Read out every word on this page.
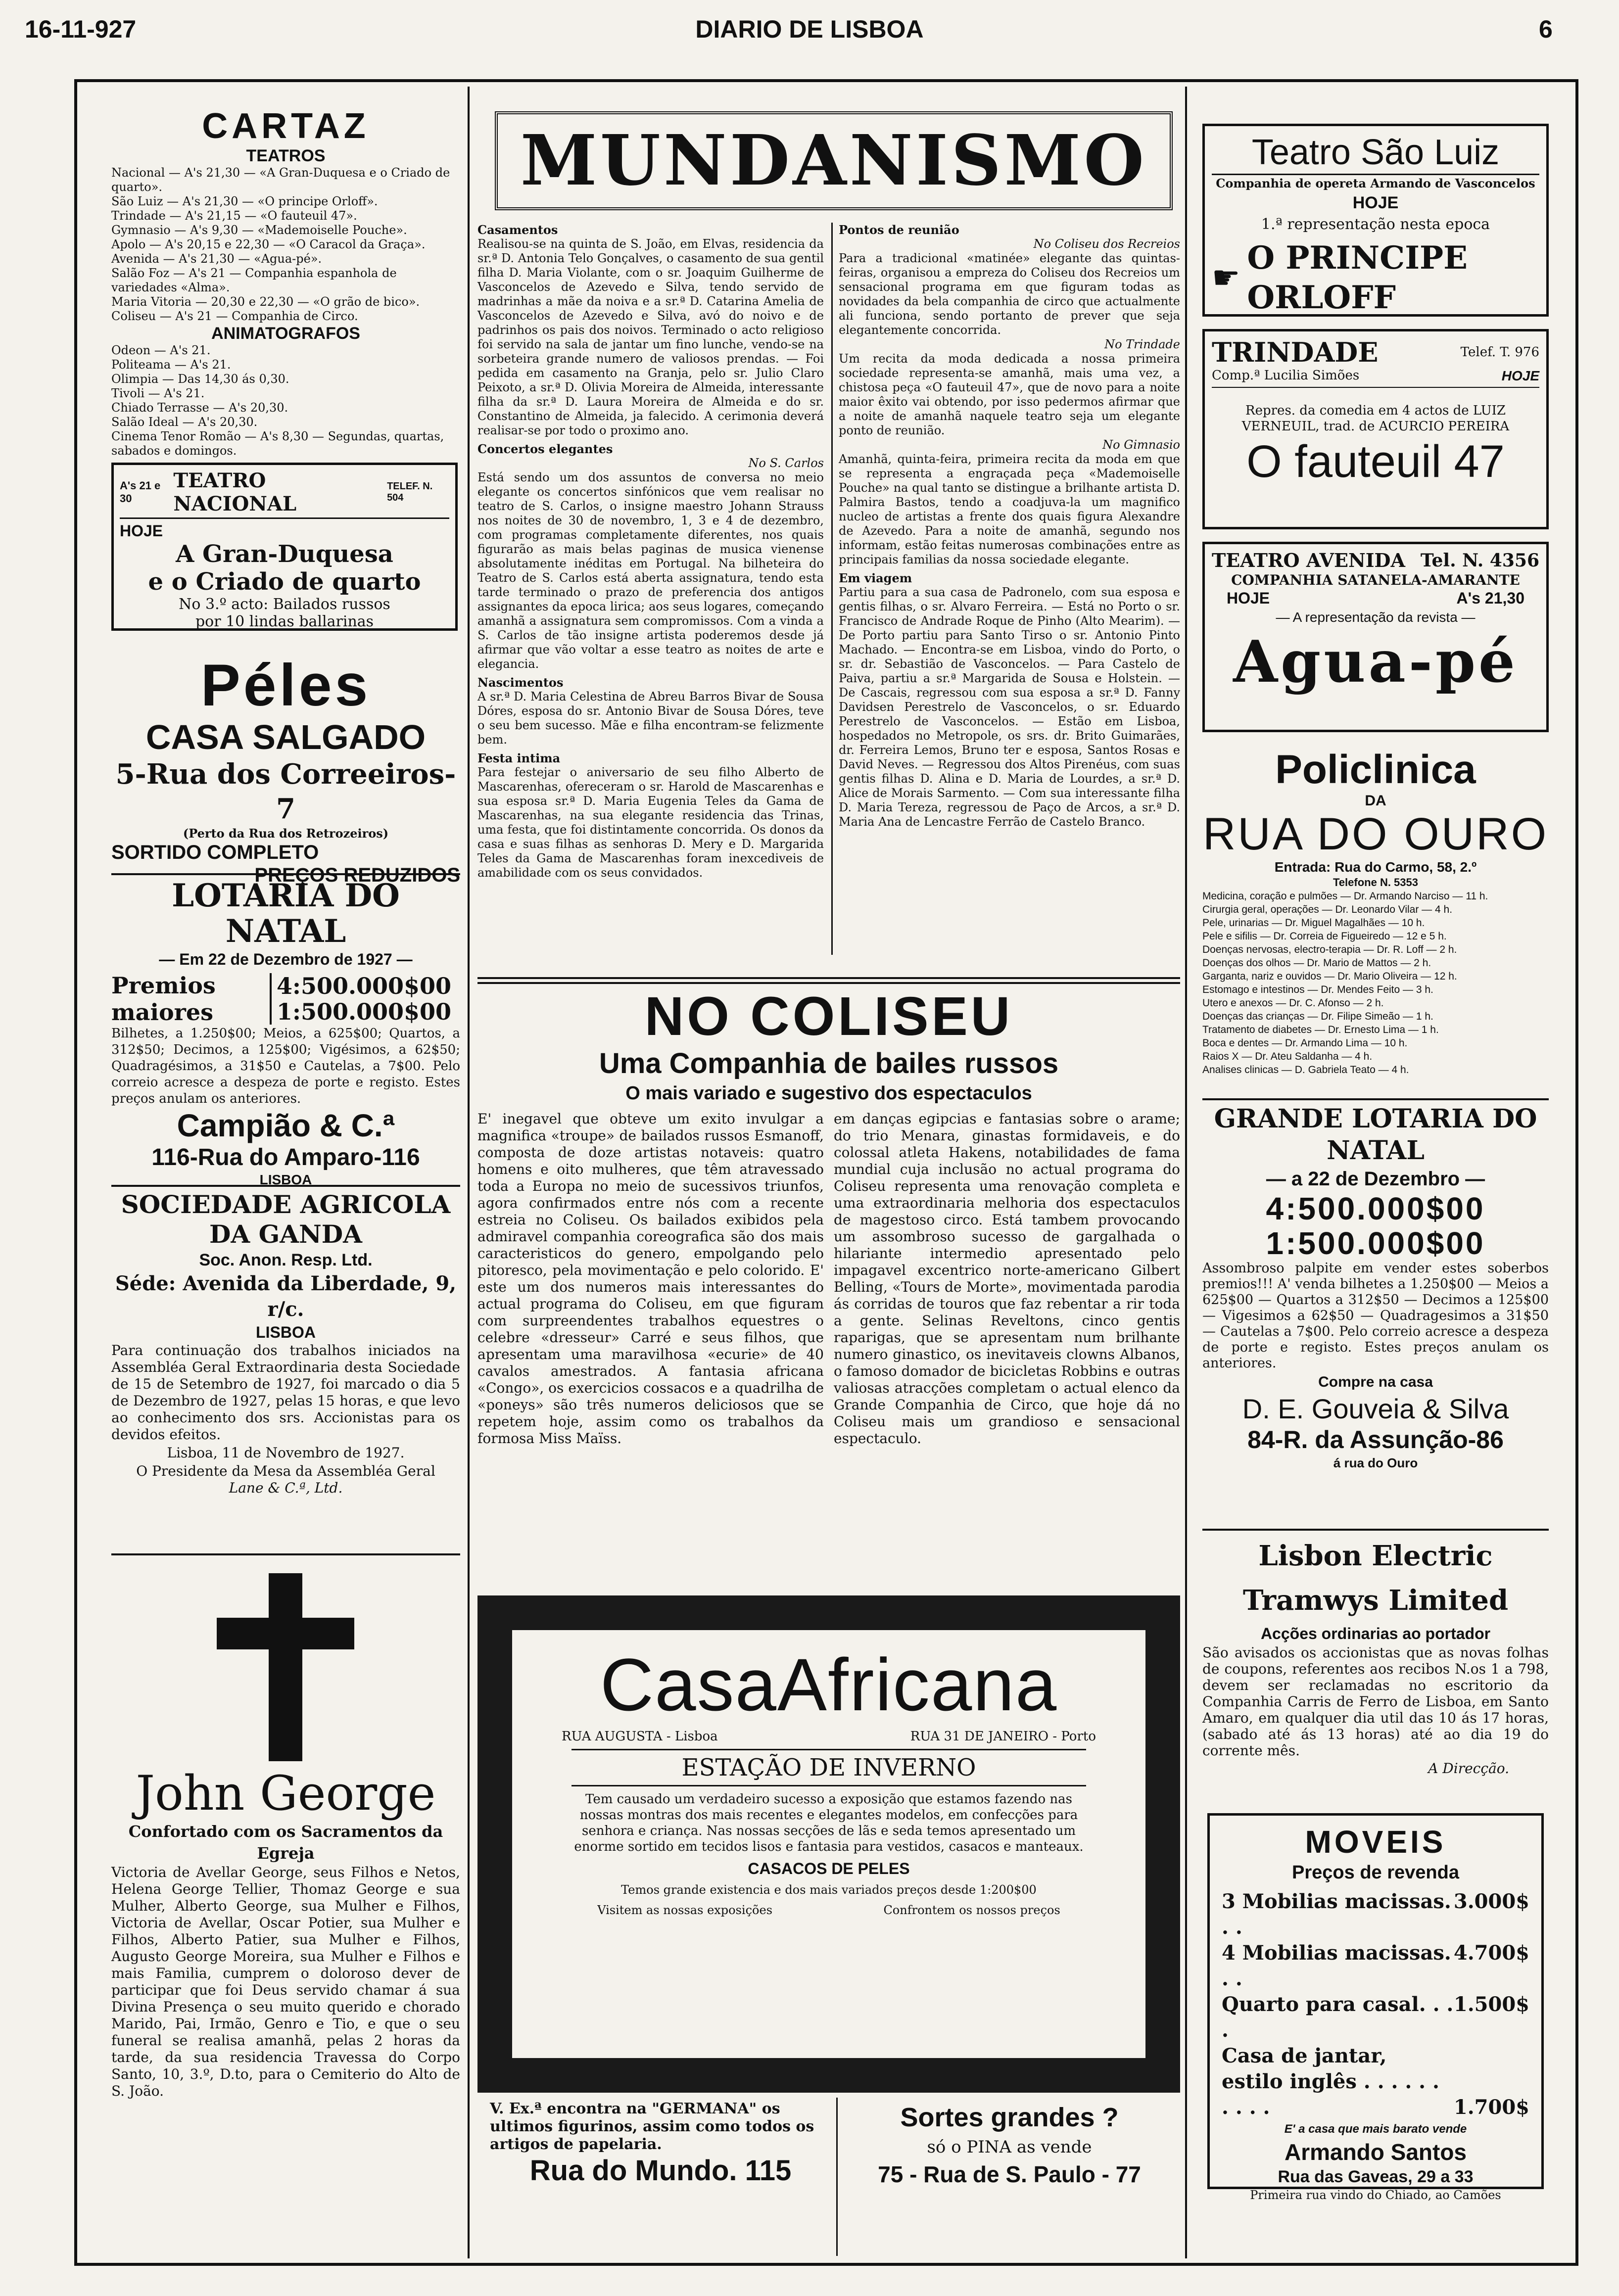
16-11-927	DIARIO DE LISBOA	6
CARTAZ
TEATROS
Nacional — A's 21,30 — «A Gran-Duquesa e o Criado de quarto».
São Luiz — A's 21,30 — «O principe Orloff».
Trindade — A's 21,15 — «O fauteuil 47».
Gymnasio — A's 9,30 — «Mademoiselle Pouche».
Apolo — A's 20,15 e 22,30 — «O Caracol da Graça».
Avenida — A's 21,30 — «Agua-pé».
Salão Foz — A's 21 — Companhia espanhola de variedades «Alma».
Maria Vitoria — 20,30 e 22,30 — «O grão de bico».
Coliseu — A's 21 — Companhia de Circo.
ANIMATOGRAFOS
Odeon — A's 21.
Politeama — A's 21.
Olimpia — Das 14,30 ás 0,30.
Tivoli — A's 21.
Chiado Terrasse — A's 20,30.
Salão Ideal — A's 20,30.
Cinema Tenor Romão — A's 8,30 — Segundas, quartas, sabados e domingos.
A's 21 e 30
TEATRO NACIONAL
TELEF. N. 504
HOJE
A Gran-Duquesa
e o Criado de quarto
No 3.º acto: Bailados russos
por 10 lindas ballarinas
Péles
CASA SALGADO
5-Rua dos Correeiros-7
(Perto da Rua dos Retrozeiros)
SORTIDO COMPLETO
PREÇOS REDUZIDOS
LOTARIA DO NATAL
— Em 22 de Dezembro de 1927 —
Premios maiores
4:500.000$00
1:500.000$00

Bilhetes, a 1.250$00; Meios, a 625$00; Quartos, a 312$50; Decimos, a 125$00; Vigésimos, a 62$50; Quadragésimos, a 31$50 e Cautelas, a 7$00. Pelo correio acresce a despeza de porte e registo. Estes preços anulam os anteriores.

Campião & C.ª
116-Rua do Amparo-116
LISBOA
SOCIEDADE AGRICOLA DA GANDA
Soc. Anon. Resp. Ltd.
Séde: Avenida da Liberdade, 9, r/c.
LISBOA

Para continuação dos trabalhos iniciados na Assembléa Geral Extraordinaria desta Sociedade de 15 de Setembro de 1927, foi marcado o dia 5 de Dezembro de 1927, pelas 15 horas, e que levo ao conhecimento dos srs. Accionistas para os devidos efeitos.

Lisboa, 11 de Novembro de 1927.
O Presidente da Mesa da Assembléa Geral
Lane & C.ª, Ltd.
John George
Confortado com os Sacramentos da Egreja

Victoria de Avellar George, seus Filhos e Netos, Helena George Tellier, Thomaz George e sua Mulher, Alberto George, sua Mulher e Filhos, Victoria de Avellar, Oscar Potier, sua Mulher e Filhos, Alberto Patier, sua Mulher e Filhos, Augusto George Moreira, sua Mulher e Filhos e mais Familia, cumprem o doloroso dever de participar que foi Deus servido chamar á sua Divina Presença o seu muito querido e chorado Marido, Pai, Irmão, Genro e Tio, e que o seu funeral se realisa amanhã, pelas 2 horas da tarde, da sua residencia Travessa do Corpo Santo, 10, 3.º, D.to, para o Cemiterio do Alto de S. João.

MUNDANISMO
Casamentos

Realisou-se na quinta de S. João, em Elvas, residencia da sr.ª D. Antonia Telo Gonçalves, o casamento de sua gentil filha D. Maria Violante, com o sr. Joaquim Guilherme de Vasconcelos de Azevedo e Silva, tendo servido de madrinhas a mãe da noiva e a sr.ª D. Catarina Amelia de Vasconcelos de Azevedo e Silva, avó do noivo e de padrinhos os pais dos noivos. Terminado o acto religioso foi servido na sala de jantar um fino lunche, vendo-se na sorbeteira grande numero de valiosos prendas. — Foi pedida em casamento na Granja, pelo sr. Julio Claro Peixoto, a sr.ª D. Olivia Moreira de Almeida, interessante filha da sr.ª D. Laura Moreira de Almeida e do sr. Constantino de Almeida, ja falecido. A cerimonia deverá realisar-se por todo o proximo ano.

Concertos elegantes
No S. Carlos

Está sendo um dos assuntos de conversa no meio elegante os concertos sinfónicos que vem realisar no teatro de S. Carlos, o insigne maestro Johann Strauss nos noites de 30 de novembro, 1, 3 e 4 de dezembro, com programas completamente diferentes, nos quais figurarão as mais belas paginas de musica vienense absolutamente inéditas em Portugal. Na bilheteira do Teatro de S. Carlos está aberta assignatura, tendo esta tarde terminado o prazo de preferencia dos antigos assignantes da epoca lirica; aos seus logares, começando amanhã a assignatura sem compromissos. Com a vinda a S. Carlos de tão insigne artista poderemos desde já afirmar que vão voltar a esse teatro as noites de arte e elegancia.

Nascimentos

A sr.ª D. Maria Celestina de Abreu Barros Bivar de Sousa Dóres, esposa do sr. Antonio Bivar de Sousa Dóres, teve o seu bem sucesso. Mãe e filha encontram-se felizmente bem.

Festa intima

Para festejar o aniversario de seu filho Alberto de Mascarenhas, ofereceram o sr. Harold de Mascarenhas e sua esposa sr.ª D. Maria Eugenia Teles da Gama de Mascarenhas, na sua elegante residencia das Trinas, uma festa, que foi distintamente concorrida. Os donos da casa e suas filhas as senhoras D. Mery e D. Margarida Teles da Gama de Mascarenhas foram inexcediveis de amabilidade com os seus convidados.

Pontos de reunião
No Coliseu dos Recreios

Para a tradicional «matinée» elegante das quintas-feiras, organisou a empreza do Coliseu dos Recreios um sensacional programa em que figuram todas as novidades da bela companhia de circo que actualmente ali funciona, sendo portanto de prever que seja elegantemente concorrida.

No Trindade

Um recita da moda dedicada a nossa primeira sociedade representa-se amanhã, mais uma vez, a chistosa peça «O fauteuil 47», que de novo para a noite maior êxito vai obtendo, por isso pedermos afirmar que a noite de amanhã naquele teatro seja um elegante ponto de reunião.

No Gimnasio

Amanhã, quinta-feira, primeira recita da moda em que se representa a engraçada peça «Mademoiselle Pouche» na qual tanto se distingue a brilhante artista D. Palmira Bastos, tendo a coadjuva-la um magnifico nucleo de artistas a frente dos quais figura Alexandre de Azevedo. Para a noite de amanhã, segundo nos informam, estão feitas numerosas combinações entre as principais familias da nossa sociedade elegante.

Em viagem

Partiu para a sua casa de Padronelo, com sua esposa e gentis filhas, o sr. Alvaro Ferreira. — Está no Porto o sr. Francisco de Andrade Roque de Pinho (Alto Mearim). — De Porto partiu para Santo Tirso o sr. Antonio Pinto Machado. — Encontra-se em Lisboa, vindo do Porto, o sr. dr. Sebastião de Vasconcelos. — Para Castelo de Paiva, partiu a sr.ª Margarida de Sousa e Holstein. — De Cascais, regressou com sua esposa a sr.ª D. Fanny Davidsen Perestrelo de Vasconcelos, o sr. Eduardo Perestrelo de Vasconcelos. — Estão em Lisboa, hospedados no Metropole, os srs. dr. Brito Guimarães, dr. Ferreira Lemos, Bruno ter e esposa, Santos Rosas e David Neves. — Regressou dos Altos Pirenéus, com suas gentis filhas D. Alina e D. Maria de Lourdes, a sr.ª D. Alice de Morais Sarmento. — Com sua interessante filha D. Maria Tereza, regressou de Paço de Arcos, a sr.ª D. Maria Ana de Lencastre Ferrão de Castelo Branco.

NO COLISEU
Uma Companhia de bailes russos
O mais variado e sugestivo dos espectaculos

E' inegavel que obteve um exito invulgar a magnifica «troupe» de bailados russos Esmanoff, composta de doze artistas notaveis: quatro homens e oito mulheres, que têm atravessado toda a Europa no meio de sucessivos triunfos, agora confirmados entre nós com a recente estreia no Coliseu. Os bailados exibidos pela admiravel companhia coreografica são dos mais caracteristicos do genero, empolgando pelo pitoresco, pela movimentação e pelo colorido. E' este um dos numeros mais interessantes do actual programa do Coliseu, em que figuram com surpreendentes trabalhos equestres o celebre «dresseur» Carré e seus filhos, que apresentam uma maravilhosa «ecurie» de 40 cavalos amestrados. A fantasia africana «Congo», os exercicios cossacos e a quadrilha de «poneys» são três numeros deliciosos que se repetem hoje, assim como os trabalhos da formosa Miss Maïss.

em danças egipcias e fantasias sobre o arame; do trio Menara, ginastas formidaveis, e do colossal atleta Hakens, notabilidades de fama mundial cuja inclusão no actual programa do Coliseu representa uma renovação completa e uma extraordinaria melhoria dos espectaculos de magestoso circo. Está tambem provocando um assombroso sucesso de gargalhada o hilariante intermedio apresentado pelo impagavel excentrico norte-americano Gilbert Belling, «Tours de Morte», movimentada parodia ás corridas de touros que faz rebentar a rir toda a gente. Selinas Reveltons, cinco gentis raparigas, que se apresentam num brilhante numero ginastico, os inevitaveis clowns Albanos, o famoso domador de bicicletas Robbins e outras valiosas atracções completam o actual elenco da Grande Companhia de Circo, que hoje dá no Coliseu mais um grandioso e sensacional espectaculo.

CasaAfricana
RUA AUGUSTA - Lisboa	RUA 31 DE JANEIRO - Porto
ESTAÇÃO DE INVERNO

Tem causado um verdadeiro sucesso a exposição que estamos fazendo nas nossas montras dos mais recentes e elegantes modelos, em confecções para senhora e criança. Nas nossas secções de lãs e seda temos apresentado um enorme sortido em tecidos lisos e fantasia para vestidos, casacos e manteaux.

CASACOS DE PELES
Temos grande existencia e dos mais variados preços desde 1:200$00
Visitem as nossas exposições	Confrontem os nossos preços

V. Ex.ª encontra na "GERMANA" os ultimos figurinos, assim como todos os artigos de papelaria.

Rua do Mundo. 115
Sortes grandes ?
só o PINA as vende
75 - Rua de S. Paulo - 77
Teatro São Luiz
Companhia de opereta Armando de Vasconcelos
HOJE
1.ª representação nesta epoca
☛
O PRINCIPE ORLOFF
TRINDADE	Telef. T. 976
Comp.ª Lucilia Simões	HOJE
Repres. da comedia em 4 actos de LUIZ VERNEUIL, trad. de ACURCIO PEREIRA
O fauteuil 47
TEATRO AVENIDA Tel. N. 4356
COMPANHIA SATANELA-AMARANTE
HOJE	A's 21,30
— A representação da revista —
Agua-pé
Policlinica
DA
RUA DO OURO
Entrada: Rua do Carmo, 58, 2.º
Telefone N. 5353
Medicina, coração e pulmões — Dr. Armando Narciso — 11 h.
Cirurgia geral, operações — Dr. Leonardo Vilar — 4 h.
Pele, urinarias — Dr. Miguel Magalhães — 10 h.
Pele e sifilis — Dr. Correia de Figueiredo — 12 e 5 h.
Doenças nervosas, electro-terapia — Dr. R. Loff — 2 h.
Doenças dos olhos — Dr. Mario de Mattos — 2 h.
Garganta, nariz e ouvidos — Dr. Mario Oliveira — 12 h.
Estomago e intestinos — Dr. Mendes Feito — 3 h.
Utero e anexos — Dr. C. Afonso — 2 h.
Doenças das crianças — Dr. Filipe Simeão — 1 h.
Tratamento de diabetes — Dr. Ernesto Lima — 1 h.
Boca e dentes — Dr. Armando Lima — 10 h.
Raios X — Dr. Ateu Saldanha — 4 h.
Analises clinicas — D. Gabriela Teato — 4 h.
GRANDE LOTARIA DO NATAL
— a 22 de Dezembro —
4:500.000$00
1:500.000$00

Assombroso palpite em vender estes soberbos premios!!! A' venda bilhetes a 1.250$00 — Meios a 625$00 — Quartos a 312$50 — Decimos a 125$00 — Vigesimos a 62$50 — Quadragesimos a 31$50 — Cautelas a 7$00. Pelo correio acresce a despeza de porte e registo. Estes preços anulam os anteriores.

Compre na casa
D. E. Gouveia & Silva
84-R. da Assunção-86
á rua do Ouro
Lisbon Electric Tramwys Limited
Acções ordinarias ao portador

São avisados os accionistas que as novas folhas de coupons, referentes aos recibos N.os 1 a 798, devem ser reclamadas no escritorio da Companhia Carris de Ferro de Lisboa, em Santo Amaro, em qualquer dia util das 10 ás 17 horas, (sabado até ás 13 horas) até ao dia 19 do corrente mês.

A Direcção.
MOVEIS
Preços de revenda
3 Mobilias macissas. . .
3.000$
4 Mobilias macissas. . .
4.700$
Quarto para casal. . . .
1.500$
Casa de jantar, estilo inglês . . . . . . . . . .	1.700$
E' a casa que mais barato vende
Armando Santos
Rua das Gaveas, 29 a 33
Primeira rua vindo do Chiado, ao Camões
